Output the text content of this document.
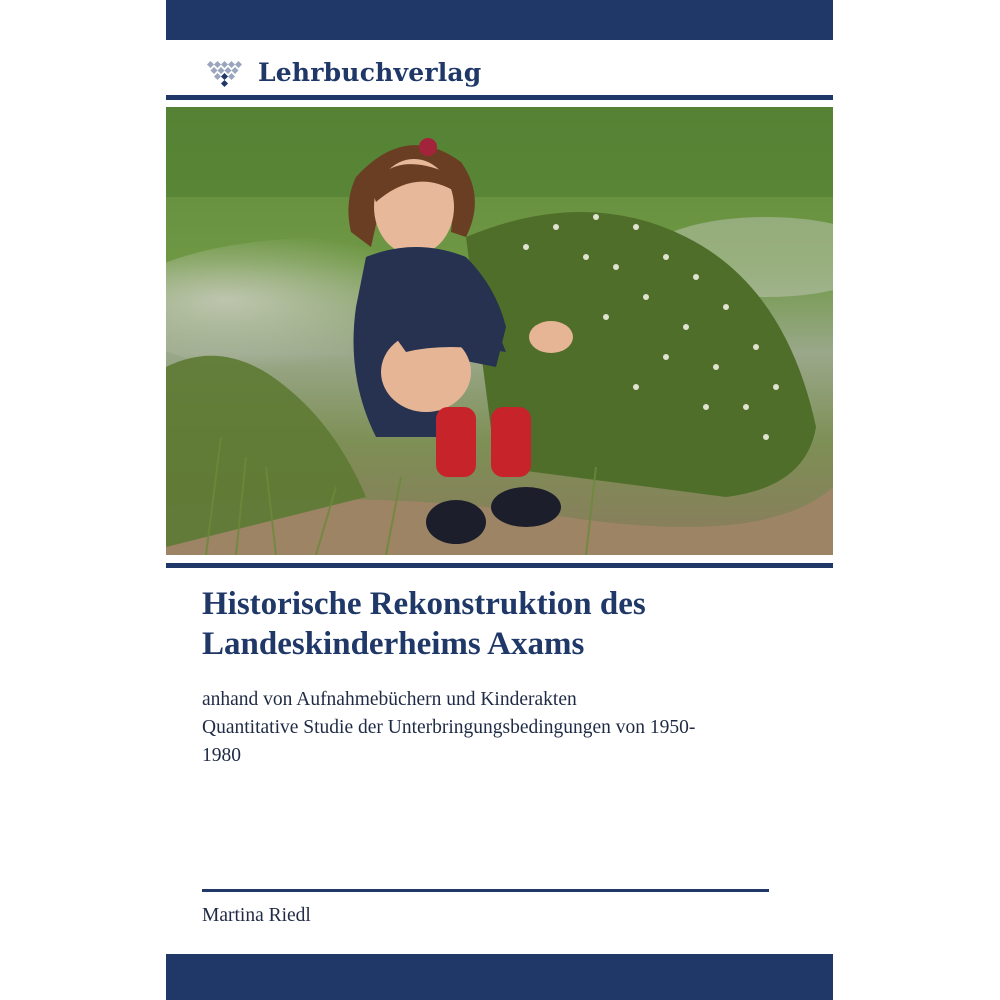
Lehrbuchverlag
Historische Rekonstruktion des
Landeskinderheims Axams
anhand von Aufnahmebüchern und Kinderakten
Quantitative Studie der Unterbringungsbedingungen von 1950-
1980
Martina Riedl
